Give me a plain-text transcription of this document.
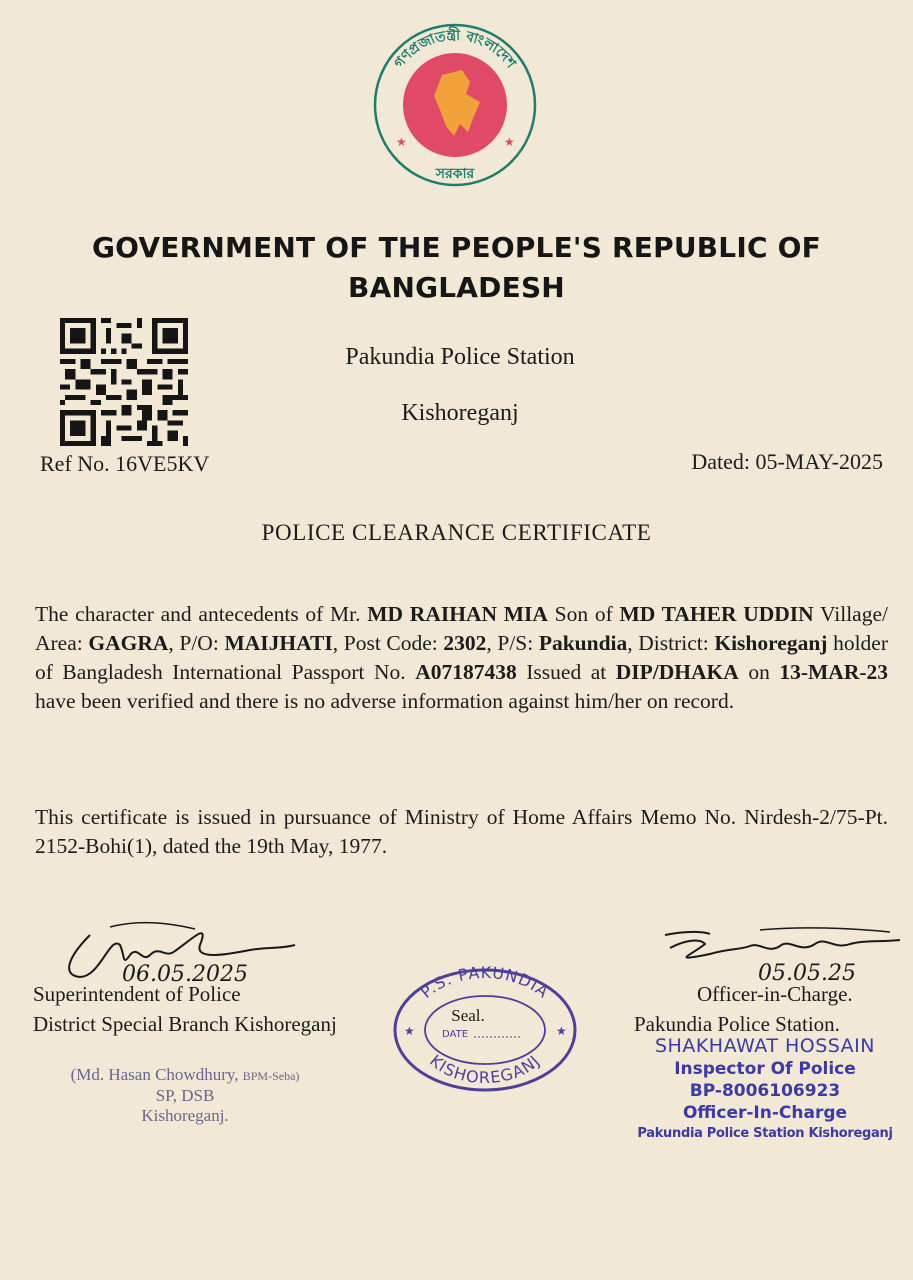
গণপ্রজাতন্ত্রী বাংলাদেশ
সরকার
★	★
GOVERNMENT OF THE PEOPLE'S REPUBLIC OF BANGLADESH
Pakundia Police Station
Kishoreganj
Ref No. 16VE5KV	Dated: 05-MAY-2025
POLICE CLEARANCE CERTIFICATE
The character and antecedents of Mr. MD RAIHAN MIA Son of MD TAHER UDDIN Village/ Area: GAGRA, P/O: MAIJHATI, Post Code: 2302, P/S: Pakundia, District: Kishoreganj holder of Bangladesh International Passport No. A07187438 Issued at DIP/DHAKA on 13-MAR-23 have been verified and there is no adverse information against him/her on record.
This certificate is issued in pursuance of Ministry of Home Affairs Memo No. Nirdesh-2/75-Pt. 2152-Bohi(1), dated the 19th May, 1977.
06.05.2025	05.05.25
Superintendent of Police
District Special Branch Kishoreganj
Officer-in-Charge.
Pakundia Police Station.
(Md. Hasan Chowdhury, BPM-Seba)
SP, DSB
Kishoreganj.
P.S. PAKUNDIA
KISHOREGANJ
Seal.
DATE
★	★
SHAKHAWAT HOSSAIN
Inspector Of Police
BP-8006106923
Officer-In-Charge
Pakundia Police Station Kishoreganj
